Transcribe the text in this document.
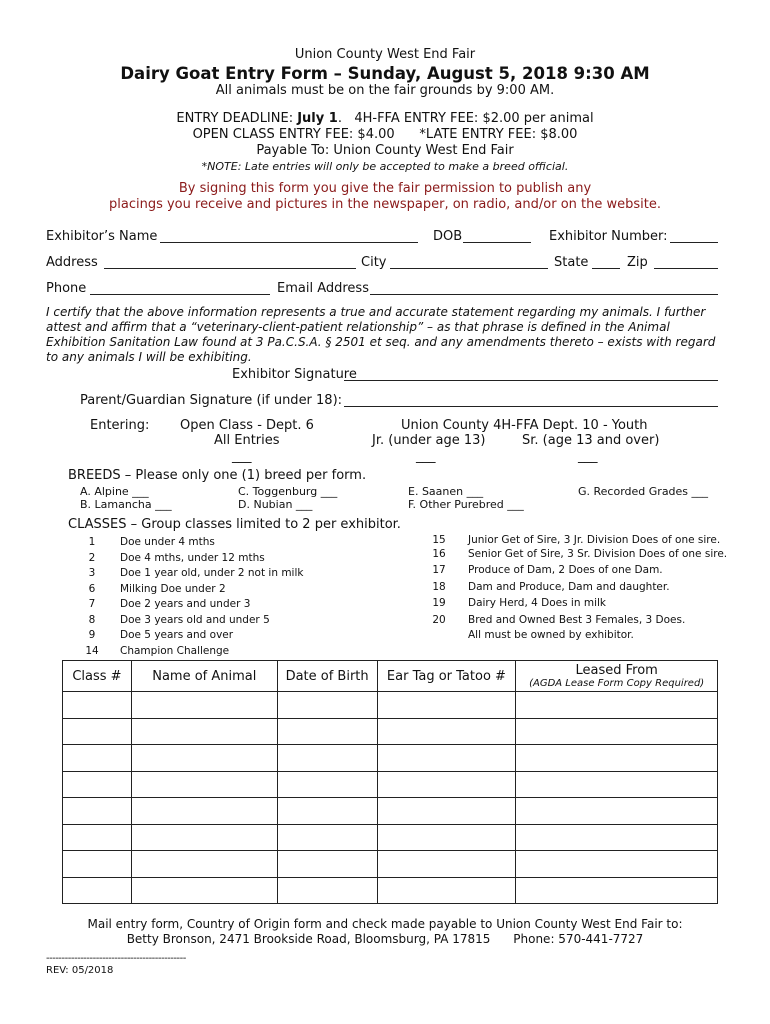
Union County West End Fair
Dairy Goat Entry Form – Sunday, August 5, 2018 9:30 AM
All animals must be on the fair grounds by 9:00 AM.
ENTRY DEADLINE: July 1.   4H-FFA ENTRY FEE: $2.00 per animal
OPEN CLASS ENTRY FEE: $4.00      *LATE ENTRY FEE: $8.00
Payable To: Union County West End Fair
*NOTE: Late entries will only be accepted to make a breed official.
By signing this form you give the fair permission to publish any
placings you receive and pictures in the newspaper, on radio, and/or on the website.
Exhibitor’s Name	DOB	Exhibitor Number:
Address	City	State	Zip
Phone	Email Address
I certify that the above information represents a true and accurate statement regarding my animals. I further attest and affirm that a “veterinary-client-patient relationship” – as that phrase is defined in the Animal Exhibition Sanitation Law found at 3 Pa.C.S.A. § 2501 et seq. and any amendments thereto – exists with regard to any animals I will be exhibiting.
Exhibitor Signature
Parent/Guardian Signature (if under 18):
Entering: Open Class - Dept. 6
All Entries
___
Union County 4H-FFA Dept. 10 - Youth
Jr. (under age 13)
___
Sr. (age 13 and over)
___
BREEDS – Please only one (1) breed per form.
A. Alpine ___
B. Lamancha ___
C. Toggenburg ___
D. Nubian ___
E. Saanen ___
F. Other Purebred ___
G. Recorded Grades ___
CLASSES – Group classes limited to 2 per exhibitor.
1 Doe under 4 mths
2 Doe 4 mths, under 12 mths
3 Doe 1 year old, under 2 not in milk
6 Milking Doe under 2
7 Doe 2 years and under 3
8 Doe 3 years old and under 5
9 Doe 5 years and over
14 Champion Challenge
15 Junior Get of Sire, 3 Jr. Division Does of one sire.
16 Senior Get of Sire, 3 Sr. Division Does of one sire.
17 Produce of Dam, 2 Does of one Dam.
18 Dam and Produce, Dam and daughter.
19 Dairy Herd, 4 Does in milk
20 Bred and Owned Best 3 Females, 3 Does.
All must be owned by exhibitor.
Class #	Name of Animal	Date of Birth	Ear Tag or Tatoo #	Leased From
(AGDA Lease Form Copy Required)

Mail entry form, Country of Origin form and check made payable to Union County West End Fair to:
Betty Bronson, 2471 Brookside Road, Bloomsburg, PA 17815      Phone: 570-441-7727
---------------------------------------------
REV: 05/2018
